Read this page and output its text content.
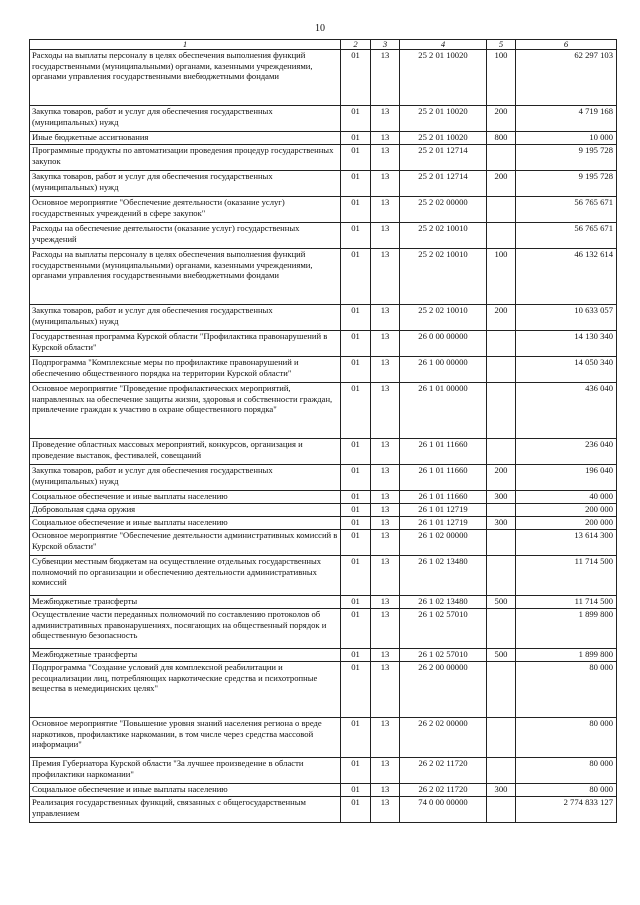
10
1	2	3	4	5	6
Расходы на выплаты персоналу в целях обеспечения выполнения функций государственными (муниципальными) органами, казенными учреждениями, органами управления государственными внебюджетными фондами	01	13	25 2 01 10020	100	62 297 103
Закупка товаров, работ и услуг для обеспечения государственных (муниципальных) нужд	01	13	25 2 01 10020	200	4 719 168
Иные бюджетные ассигнования	01	13	25 2 01 10020	800	10 000
Программные продукты по автоматизации проведения процедур государственных закупок	01	13	25 2 01 12714		9 195 728
Закупка товаров, работ и услуг для обеспечения государственных (муниципальных) нужд	01	13	25 2 01 12714	200	9 195 728
Основное мероприятие "Обеспечение деятельности (оказание услуг) государственных учреждений в сфере закупок"	01	13	25 2 02 00000		56 765 671
Расходы на обеспечение деятельности (оказание услуг) государственных учреждений	01	13	25 2 02 10010		56 765 671
Расходы на выплаты персоналу в целях обеспечения выполнения функций государственными (муниципальными) органами, казенными учреждениями, органами управления государственными внебюджетными фондами	01	13	25 2 02 10010	100	46 132 614
Закупка товаров, работ и услуг для обеспечения государственных (муниципальных) нужд	01	13	25 2 02 10010	200	10 633 057
Государственная программа Курской области "Профилактика правонарушений в Курской области"	01	13	26 0 00 00000		14 130 340
Подпрограмма "Комплексные меры по профилактике правонарушений и обеспечению общественного порядка на территории Курской области"	01	13	26 1 00 00000		14 050 340
Основное мероприятие "Проведение профилактических мероприятий, направленных на обеспечение защиты жизни, здоровья и собственности граждан, привлечение граждан к участию в охране общественного порядка"	01	13	26 1 01 00000		436 040
Проведение областных массовых мероприятий, конкурсов, организация и проведение выставок, фестивалей, совещаний	01	13	26 1 01 11660		236 040
Закупка товаров, работ и услуг для обеспечения государственных (муниципальных) нужд	01	13	26 1 01 11660	200	196 040
Социальное обеспечение и иные выплаты населению	01	13	26 1 01 11660	300	40 000
Добровольная сдача оружия	01	13	26 1 01 12719		200 000
Социальное обеспечение и иные выплаты населению	01	13	26 1 01 12719	300	200 000
Основное мероприятие "Обеспечение деятельности административных комиссий в Курской области"	01	13	26 1 02 00000		13 614 300
Субвенции местным бюджетам на осуществление отдельных государственных полномочий по организации и обеспечению деятельности административных комиссий	01	13	26 1 02 13480		11 714 500
Межбюджетные трансферты	01	13	26 1 02 13480	500	11 714 500
Осуществление части переданных полномочий по составлению протоколов об административных правонарушениях, посягающих на общественный порядок и общественную безопасность	01	13	26 1 02 57010		1 899 800
Межбюджетные трансферты	01	13	26 1 02 57010	500	1 899 800
Подпрограмма "Создание условий для комплексной реабилитации и ресоциализации лиц, потребляющих наркотические средства и психотропные вещества в немедицинских целях"	01	13	26 2 00 00000		80 000
Основное мероприятие "Повышение уровня знаний населения региона о вреде наркотиков, профилактике наркомании, в том числе через средства массовой информации"	01	13	26 2 02 00000		80 000
Премия Губернатора Курской области "За лучшее произведение в области профилактики наркомании"	01	13	26 2 02 11720		80 000
Социальное обеспечение и иные выплаты населению	01	13	26 2 02 11720	300	80 000
Реализация государственных функций, связанных с общегосударственным управлением	01	13	74 0 00 00000		2 774 833 127
